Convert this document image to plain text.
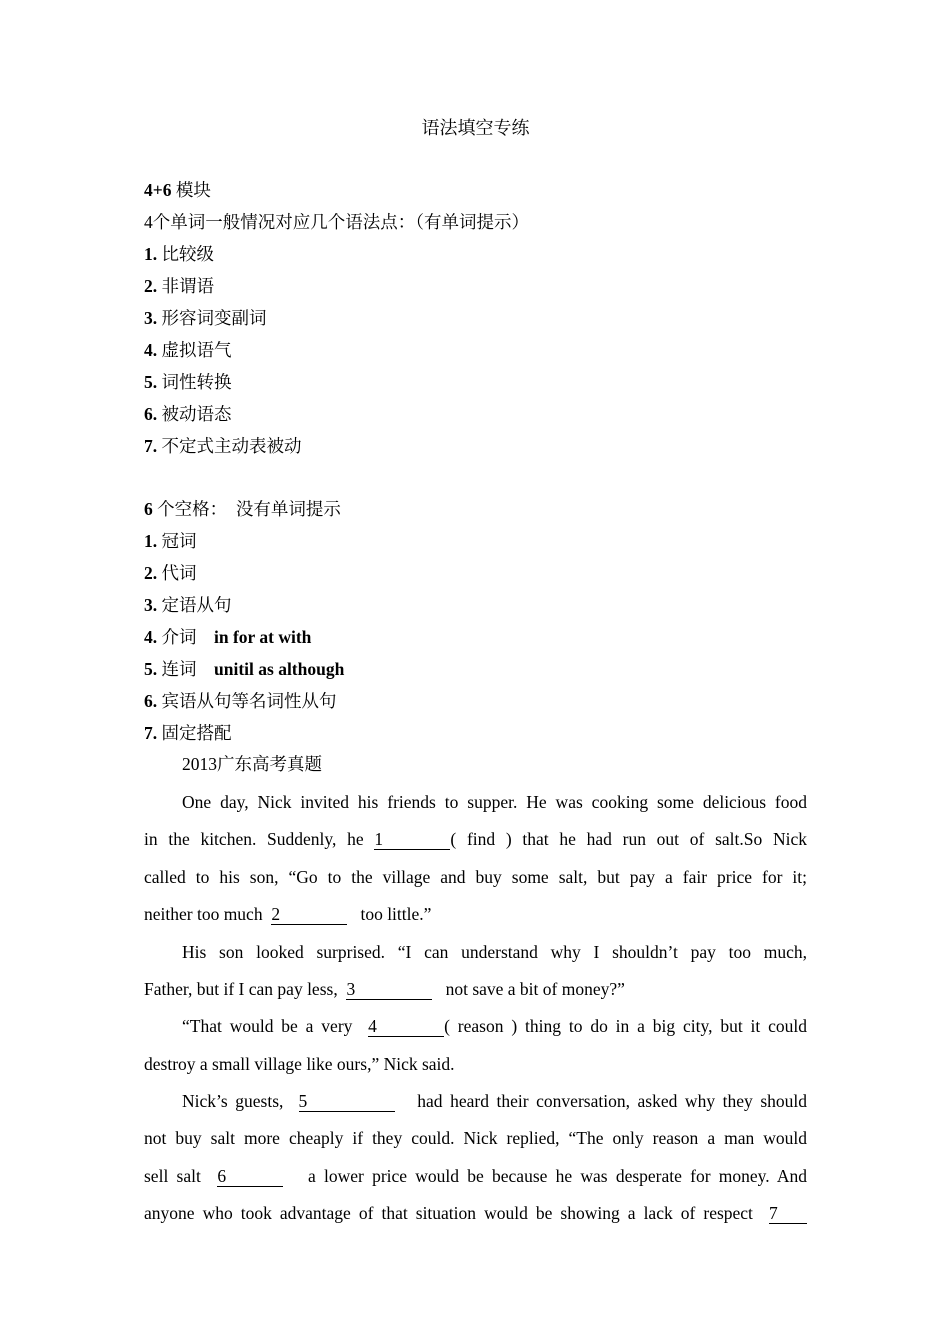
语法填空专练
4+6 模块
4个单词一般情况对应几个语法点：（有单词提示）
1. 比较级
2. 非谓语
3. 形容词变副词
4. 虚拟语气
5. 词性转换
6. 被动语态
7. 不定式主动表被动
6 个空格：　没有单词提示
1. 冠词
2. 代词
3. 定语从句
4. 介词 in for at with
5. 连词 unitil as although
6. 宾语从句等名词性从句
7. 固定搭配
2013广东高考真题
One day, Nick invited his friends to supper. He was cooking some delicious food
in the kitchen. Suddenly, he 1	( find ) that he had run out of salt.So Nick
called to his son, “Go to the village and buy some salt, but pay a fair price for it;
neither too much 2	too little.”
His son looked surprised. “I can understand why I shouldn’t pay too much,
Father, but if I can pay less, 3	not save a bit of money?”
“That would be a very 4	( reason ) thing to do in a big city, but it could
destroy a small village like ours,” Nick said.
Nick’s guests, 5	had heard their conversation, asked why they should
not buy salt more cheaply if they could. Nick replied, “The only reason a man would
sell salt 6	a lower price would be because he was desperate for money. And
anyone who took advantage of that situation would be showing a lack of respect 7
